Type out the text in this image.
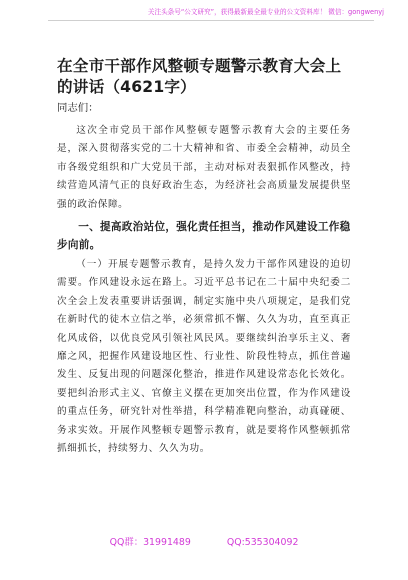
关注头条号“公文研究”，获得最新最全最专业的公文资料库！ 微信：gongwenyj
在全市干部作风整顿专题警示教育大会上的讲话（4621字）

同志们：

这次全市党员干部作风整顿专题警示教育大会的主要任务是，深入贯彻落实党的二十大精神和省、市委全会精神，动员全市各级党组织和广大党员干部，主动对标对表狠抓作风整改，持续营造风清气正的良好政治生态，为经济社会高质量发展提供坚强的政治保障。

一、提高政治站位，强化责任担当，推动作风建设工作稳步向前。

（一）开展专题警示教育，是持久发力干部作风建设的迫切需要。作风建设永远在路上。习近平总书记在二十届中央纪委二次全会上发表重要讲话强调，制定实施中央八项规定，是我们党在新时代的徒木立信之举，必须常抓不懈、久久为功，直至真正化风成俗，以优良党风引领社风民风。要继续纠治享乐主义、奢靡之风，把握作风建设地区性、行业性、阶段性特点，抓住普遍发生、反复出现的问题深化整治，推进作风建设常态化长效化。要把纠治形式主义、官僚主义摆在更加突出位置，作为作风建设的重点任务，研究针对性举措，科学精准靶向整治，动真碰硬、务求实效。开展作风整顿专题警示教育，就是要将作风整顿抓常抓细抓长，持续努力、久久为功。

QQ群：31991489	QQ:535304092
